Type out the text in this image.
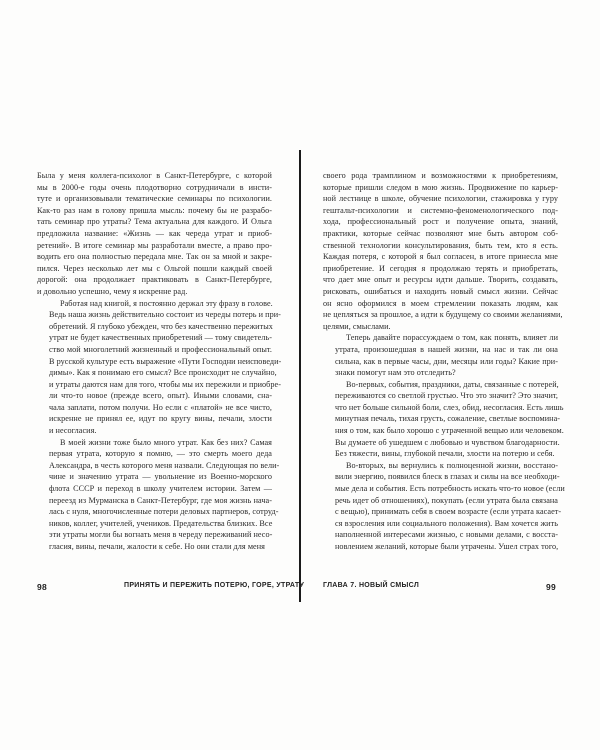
Была у меня коллега-психолог в Санкт-Петербурге, с которой
мы в 2000-е годы очень плодотворно сотрудничали в инсти-
туте и организовывали тематические семинары по психологии.
Как-то раз нам в голову пришла мысль: почему бы не разрабо-
тать семинар про утраты? Тема актуальна для каждого. И Ольга
предложила название: «Жизнь — как череда утрат и приоб-
ретений». В итоге семинар мы разработали вместе, а право про-
водить его она полностью передала мне. Так он за мной и закре-
пился. Через несколько лет мы с Ольгой пошли каждый своей
дорогой: она продолжает практиковать в Санкт-Петербурге,
и довольно успешно, чему я искренне рад.
Работая над книгой, я постоянно держал эту фразу в голове.
Ведь наша жизнь действительно состоит из череды потерь и при-
обретений. Я глубоко убежден, что без качественно пережитых
утрат не будет качественных приобретений — тому свидетель-
ство мой многолетний жизненный и профессиональный опыт.
В русской культуре есть выражение «Пути Господни неисповеди-
димы». Как я понимаю его смысл? Все происходит не случайно,
и утраты даются нам для того, чтобы мы их пережили и приобре-
ли что-то новое (прежде всего, опыт). Иными словами, сна-
чала заплати, потом получи. Но если с «платой» не все чисто,
искренне не принял ее, идут по кругу вины, печали, злости
и несогласия.
В моей жизни тоже было много утрат. Как без них? Самая
первая утрата, которую я помню, — это смерть моего деда
Александра, в честь которого меня назвали. Следующая по вели-
чине и значению утрата — увольнение из Военно-морского
флота СССР и переход в школу учителем истории. Затем —
переезд из Мурманска в Санкт-Петербург, где моя жизнь нача-
лась с нуля, многочисленные потери деловых партнеров, сотруд-
ников, коллег, учителей, учеников. Предательства близких. Все
эти утраты могли бы вогнать меня в череду переживаний несо-
гласия, вины, печали, жалости к себе. Но они стали для меня
своего рода трамплином и возможностями к приобретениям,
которые пришли следом в мою жизнь. Продвижение по карьер-
ной лестнице в школе, обучение психологии, стажировка у гуру
гештальт-психологии и системно-феноменологического под-
хода, профессиональный рост и получение опыта, знаний,
практики, которые сейчас позволяют мне быть автором соб-
ственной технологии консультирования, быть тем, кто я есть.
Каждая потеря, с которой я был согласен, в итоге принесла мне
приобретение. И сегодня я продолжаю терять и приобретать,
что дает мне опыт и ресурсы идти дальше. Творить, создавать,
рисковать, ошибаться и находить новый смысл жизни. Сейчас
он ясно оформился в моем стремлении показать людям, как
не цепляться за прошлое, а идти к будущему со своими желаниями,
целями, смыслами.
Теперь давайте порассуждаем о том, как понять, влияет ли
утрата, произошедшая в нашей жизни, на нас и так ли она
сильна, как в первые часы, дни, месяцы или годы? Какие при-
знаки помогут нам это отследить?
Во-первых, события, праздники, даты, связанные с потерей,
переживаются со светлой грустью. Что это значит? Это значит,
что нет больше сильной боли, слез, обид, несогласия. Есть лишь
минутная печаль, тихая грусть, сожаление, светлые воспомина-
ния о том, как было хорошо с утраченной вещью или человеком.
Вы думаете об ушедшем с любовью и чувством благодарности.
Без тяжести, вины, глубокой печали, злости на потерю и себя.
Во-вторых, вы вернулись к полноценной жизни, восстано-
вили энергию, появился блеск в глазах и силы на все необходи-
мые дела и события. Есть потребность искать что-то новое (если
речь идет об отношениях), покупать (если утрата была связана
с вещью), принимать себя в своем возрасте (если утрата касает-
ся взросления или социального положения). Вам хочется жить
наполненной интересами жизнью, с новыми делами, с восста-
новлением желаний, которые были утрачены. Ушел страх того,
98	ПРИНЯТЬ И ПЕРЕЖИТЬ ПОТЕРЮ, ГОРЕ, УТРАТУ	ГЛАВА 7. НОВЫЙ СМЫСЛ	99
